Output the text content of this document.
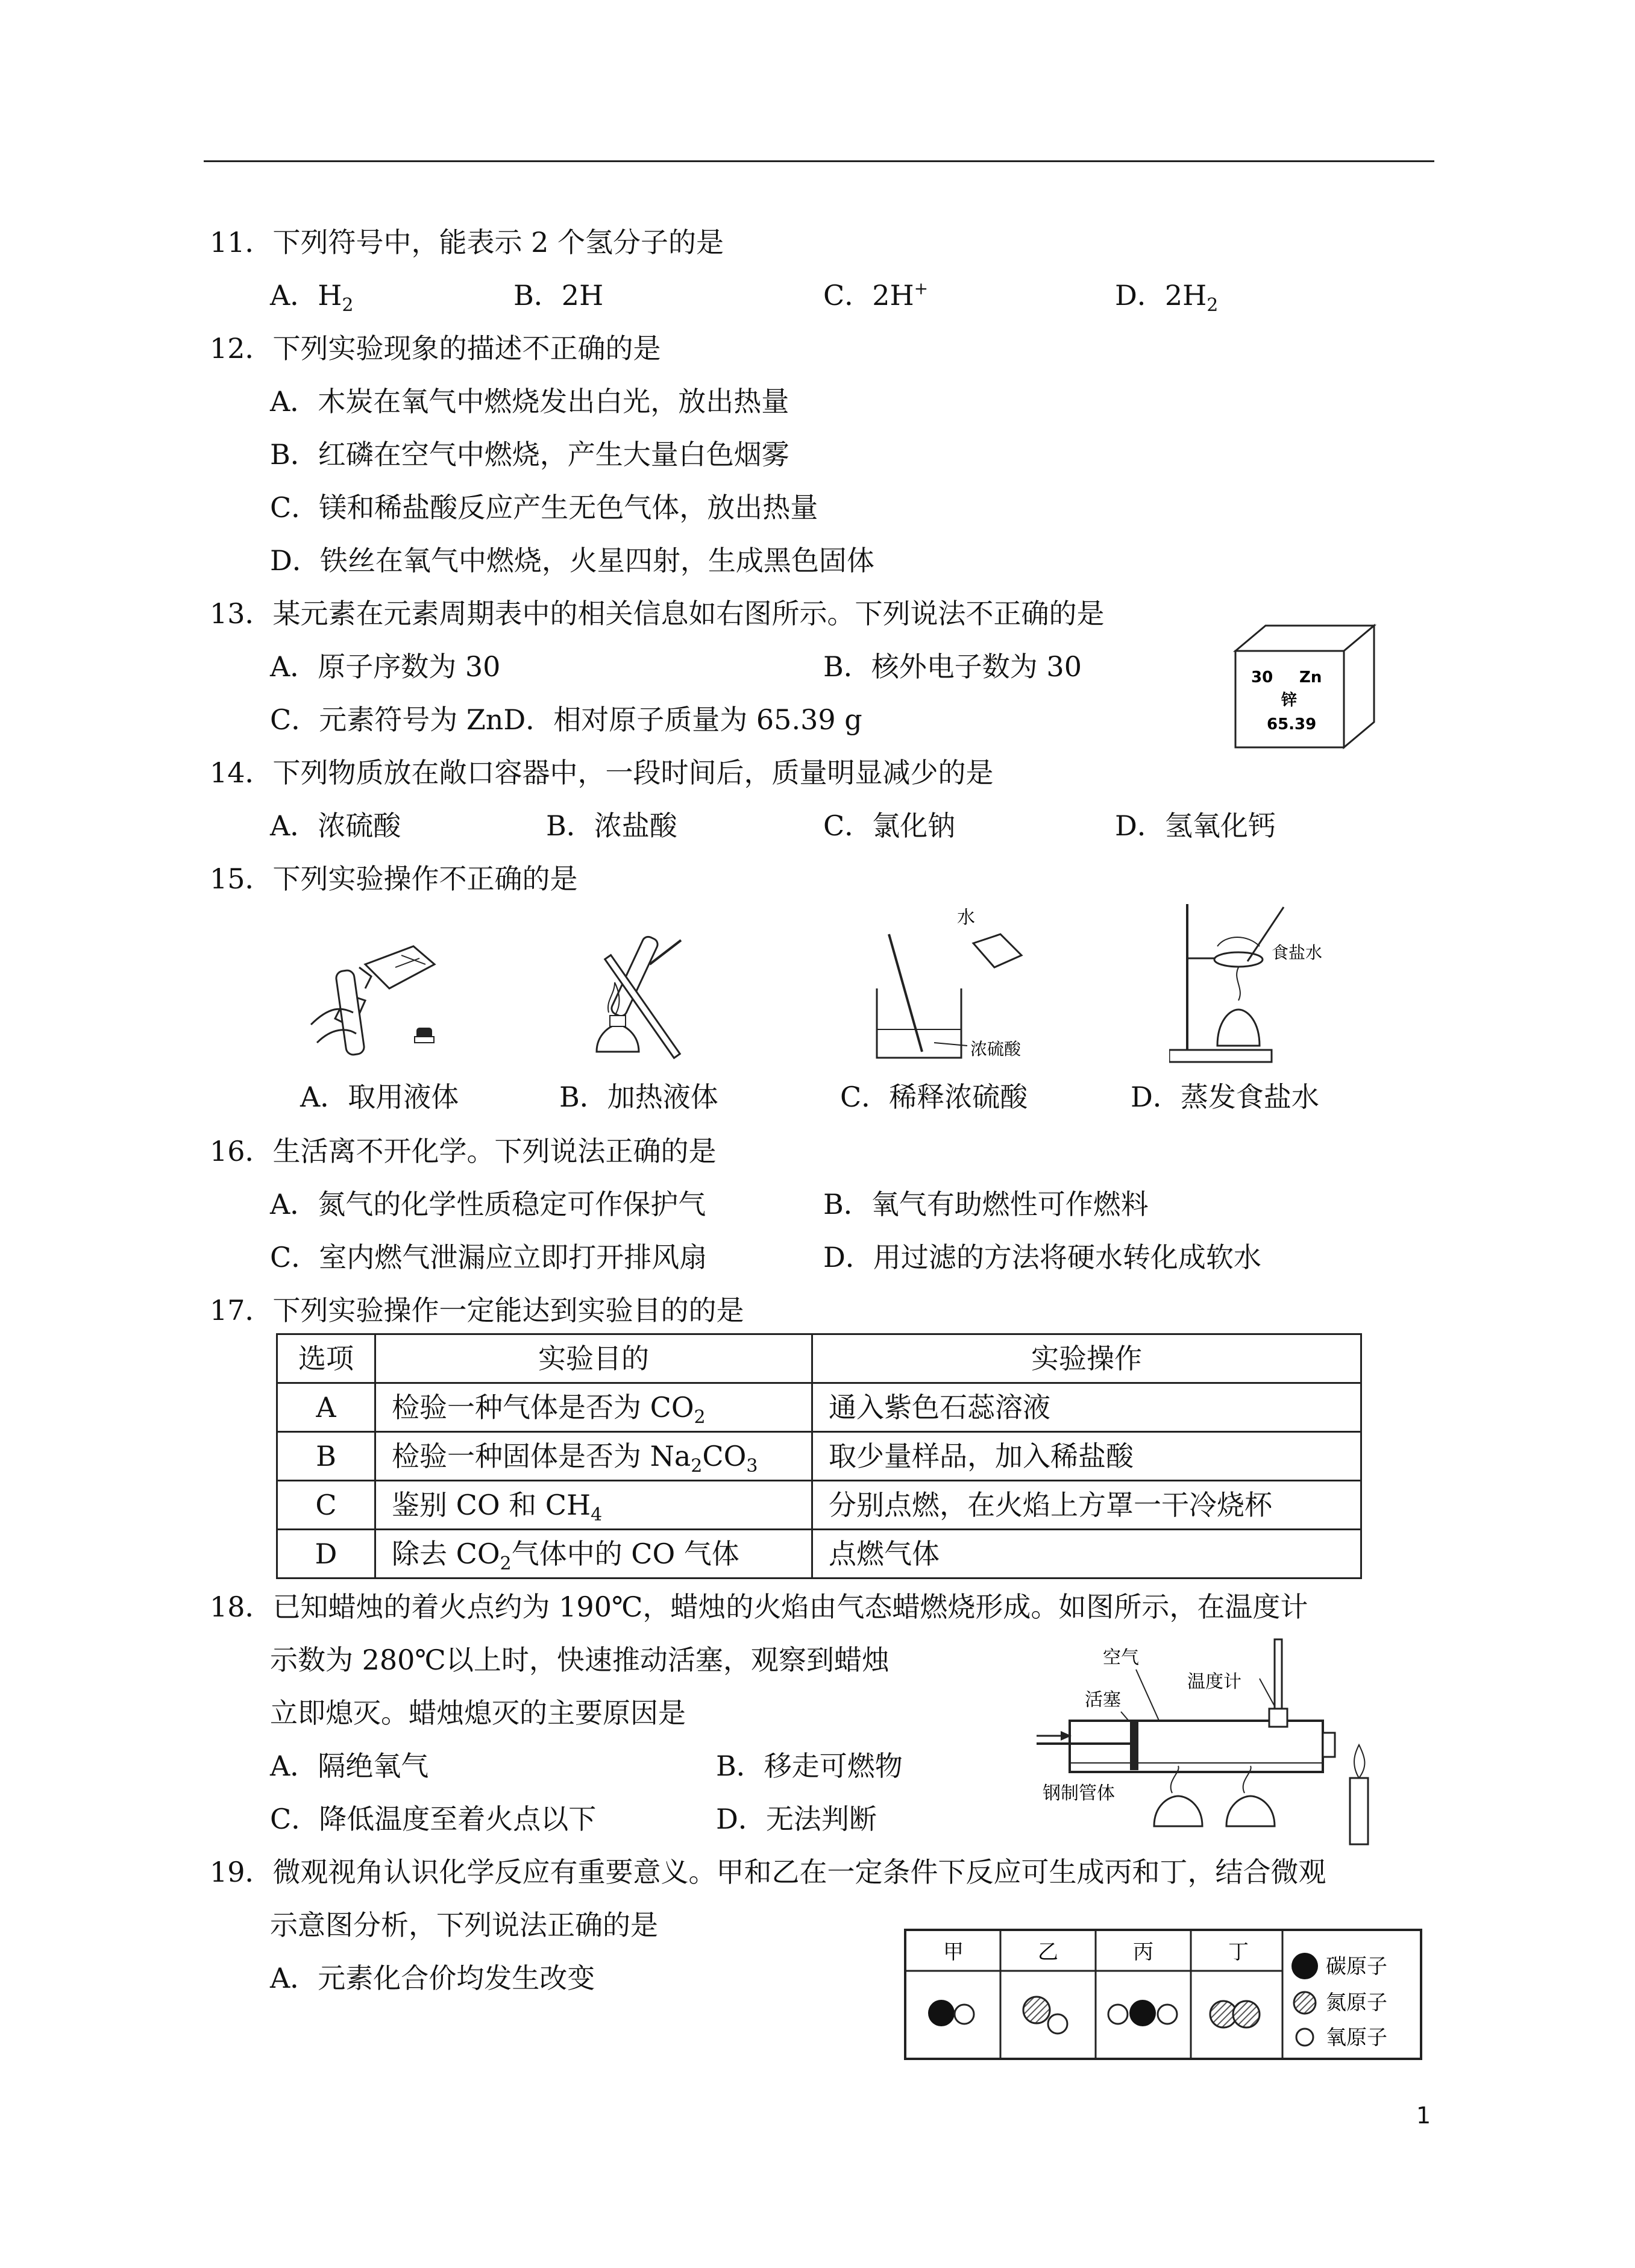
11．下列符号中，能表示 2 个氢分子的是
A．$H_2$	B．2H	C．2H+	D．$2H_2$
12．下列实验现象的描述不正确的是
A．木炭在氧气中燃烧发出白光，放出热量
B．红磷在空气中燃烧，产生大量白色烟雾
C．镁和稀盐酸反应产生无色气体，放出热量
D．铁丝在氧气中燃烧，火星四射，生成黑色固体
13．某元素在元素周期表中的相关信息如右图所示。下列说法不正确的是
A．原子序数为 30	B．核外电子数为 30
C．元素符号为 ZnD．相对原子质量为 65.39 g
30 Zn
锌
65.39
14．下列物质放在敞口容器中，一段时间后，质量明显减少的是
A．浓硫酸	B．浓盐酸	C．氯化钠	D．氢氧化钙
15．下列实验操作不正确的是
水
浓硫酸
食盐水
A．取用液体	B．加热液体	C．稀释浓硫酸	D．蒸发食盐水
16．生活离不开化学。下列说法正确的是
A．氮气的化学性质稳定可作保护气	B．氧气有助燃性可作燃料
C．室内燃气泄漏应立即打开排风扇	D．用过滤的方法将硬水转化成软水
17．下列实验操作一定能达到实验目的的是
选项	实验目的	实验操作
A	检验一种气体是否为 $CO_2$	通入紫色石蕊溶液
B	检验一种固体是否为 $Na_2CO_3$	取少量样品，加入稀盐酸
C	鉴别 CO 和 $CH_4$	分别点燃，在火焰上方罩一干冷烧杯
D	除去 $CO_2$气体中的 CO 气体	点燃气体
18．已知蜡烛的着火点约为 190℃，蜡烛的火焰由气态蜡燃烧形成。如图所示，在温度计
示数为 280℃以上时，快速推动活塞，观察到蜡烛
立即熄灭。蜡烛熄灭的主要原因是
A．隔绝氧气	B．移走可燃物
C．降低温度至着火点以下	D．无法判断
空气
活塞
温度计
钢制管体
19．微观视角认识化学反应有重要意义。甲和乙在一定条件下反应可生成丙和丁，结合微观
示意图分析，下列说法正确的是
A．元素化合价均发生改变
甲	乙	丙	丁
碳原子
氮原子
氧原子
1
